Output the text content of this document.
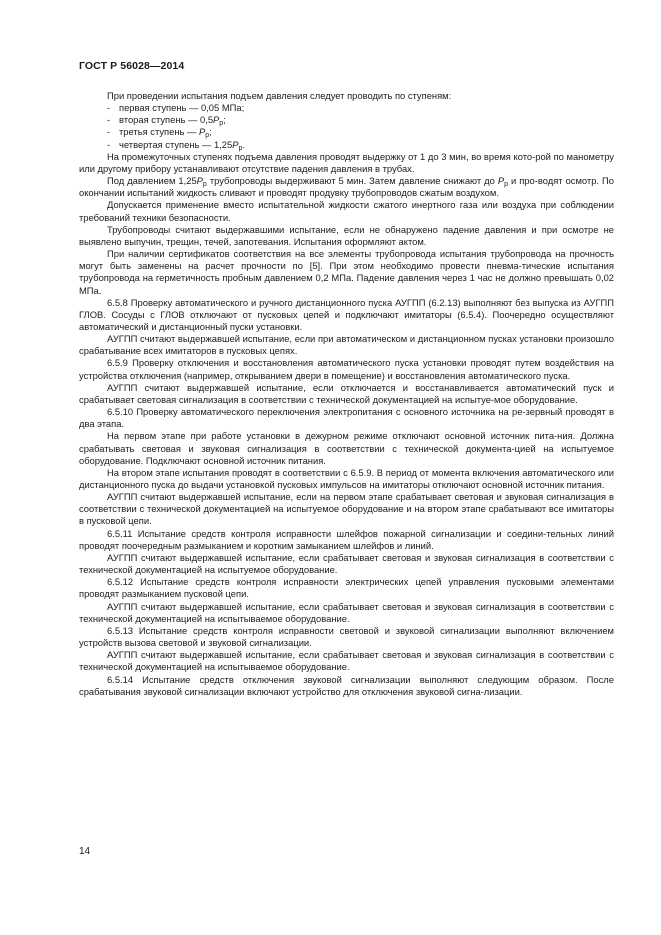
ГОСТ Р 56028—2014

При проведении испытания подъем давления следует проводить по ступеням:

- первая ступень — 0,05 МПа;

- вторая ступень — $0,5P_р$;

- третья ступень — $P_р$;

- четвертая ступень — $1,25P_р$.

На промежуточных ступенях подъема давления проводят выдержку от 1 до 3 мин, во время кото-рой по манометру или другому прибору устанавливают отсутствие падения давления в трубах.

Под давлением $1,25P_р$ трубопроводы выдерживают 5 мин. Затем давление снижают до $P_р$ и про-водят осмотр. По окончании испытаний жидкость сливают и проводят продувку трубопроводов сжатым воздухом.

Допускается применение вместо испытательной жидкости сжатого инертного газа или воздуха при соблюдении требований техники безопасности.

Трубопроводы считают выдержавшими испытание, если не обнаружено падение давления и при осмотре не выявлено выпучин, трещин, течей, запотевания. Испытания оформляют актом.

При наличии сертификатов соответствия на все элементы трубопровода испытания трубопровода на прочность могут быть заменены на расчет прочности по [5]. При этом необходимо провести пневма-тические испытания трубопровода на герметичность пробным давлением 0,2 МПа. Падение давления через 1 час не должно превышать 0,02 МПа.

6.5.8 Проверку автоматического и ручного дистанционного пуска АУГПП (6.2.13) выполняют без выпуска из АУГПП ГЛОВ. Сосуды с ГЛОВ отключают от пусковых цепей и подключают имитаторы (6.5.4). Поочередно осуществляют автоматический и дистанционный пуски установки.

АУГПП считают выдержавшей испытание, если при автоматическом и дистанционном пусках установки произошло срабатывание всех имитаторов в пусковых цепях.

6.5.9 Проверку отключения и восстановления автоматического пуска установки проводят путем воздействия на устройства отключения (например, открыванием двери в помещение) и восстановления автоматического пуска.

АУГПП считают выдержавшей испытание, если отключается и восстанавливается автоматический пуск и срабатывает световая сигнализация в соответствии с технической документацией на испытуе-мое оборудование.

6.5.10 Проверку автоматического переключения электропитания с основного источника на ре-зервный проводят в два этапа.

На первом этапе при работе установки в дежурном режиме отключают основной источник пита-ния. Должна срабатывать световая и звуковая сигнализация в соответствии с технической документа-цией на испытуемое оборудование. Подключают основной источник питания.

На втором этапе испытания проводят в соответствии с 6.5.9. В период от момента включения автоматического или дистанционного пуска до выдачи установкой пусковых импульсов на имитаторы отключают основной источник питания.

АУГПП считают выдержавшей испытание, если на первом этапе срабатывает световая и звуковая сигнализация в соответствии с технической документацией на испытуемое оборудование и на втором этапе срабатывают все имитаторы в пусковой цепи.

6.5.11 Испытание средств контроля исправности шлейфов пожарной сигнализации и соедини-тельных линий проводят поочередным размыканием и коротким замыканием шлейфов и линий.

АУГПП считают выдержавшей испытание, если срабатывает световая и звуковая сигнализация в соответствии с технической документацией на испытуемое оборудование.

6.5.12 Испытание средств контроля исправности электрических цепей управления пусковыми элементами проводят размыканием пусковой цепи.

АУГПП считают выдержавшей испытание, если срабатывает световая и звуковая сигнализация в соответствии с технической документацией на испытываемое оборудование.

6.5.13 Испытание средств контроля исправности световой и звуковой сигнализации выполняют включением устройств вызова световой и звуковой сигнализации.

АУГПП считают выдержавшей испытание, если срабатывает световая и звуковая сигнализация в соответствии с технической документацией на испытываемое оборудование.

6.5.14 Испытание средств отключения звуковой сигнализации выполняют следующим образом. После срабатывания звуковой сигнализации включают устройство для отключения звуковой сигна-лизации.

14
